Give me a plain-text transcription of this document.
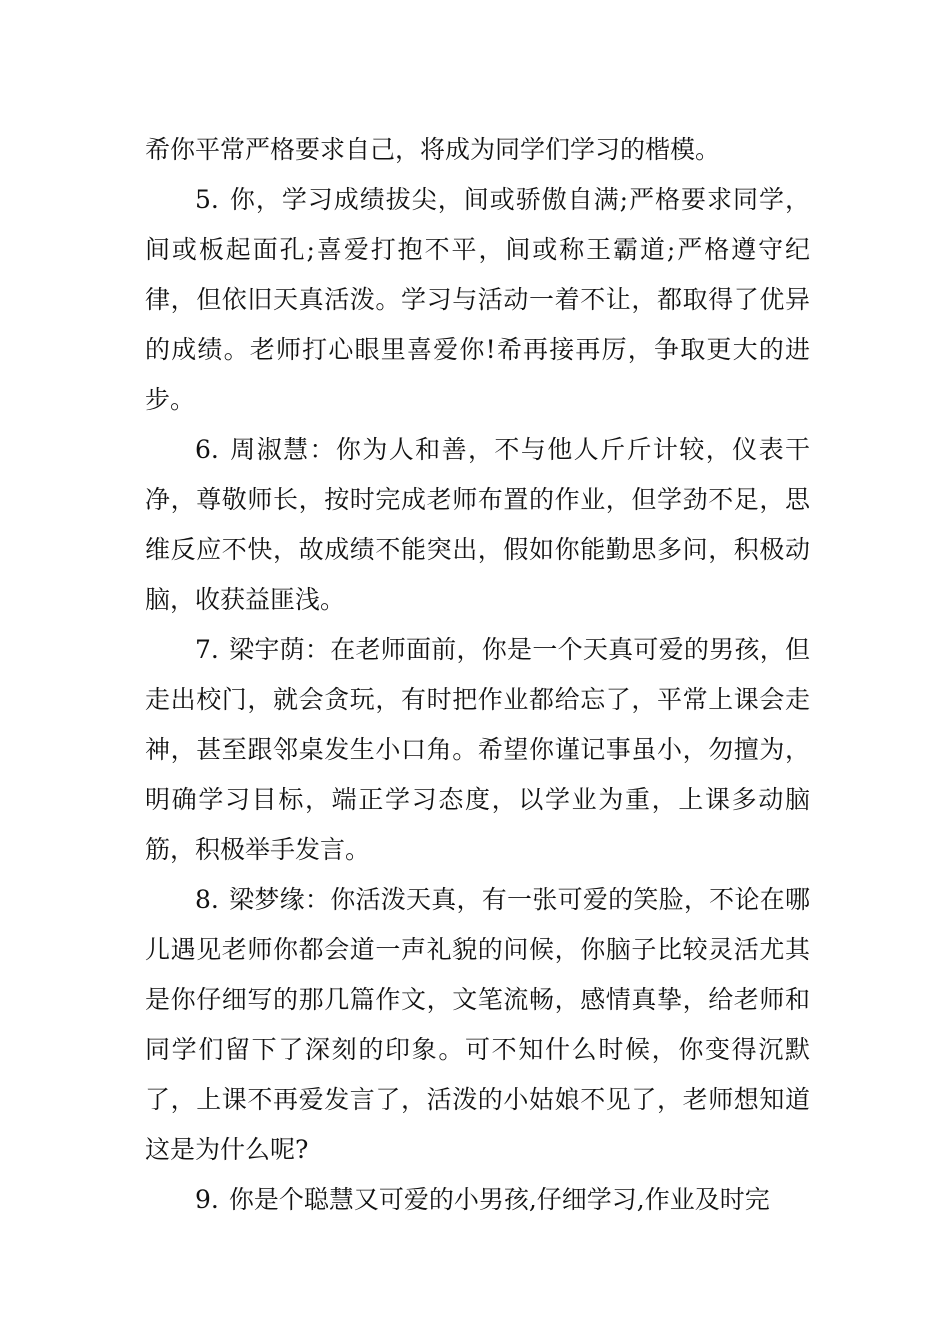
希你平常严格要求自己，将成为同学们学习的楷模。

5. 你，学习成绩拔尖，间或骄傲自满;严格要求同学，间或板起面孔;喜爱打抱不平，间或称王霸道;严格遵守纪律，但依旧天真活泼。学习与活动一着不让，都取得了优异的成绩。老师打心眼里喜爱你!希再接再厉，争取更大的进步。

6. 周淑慧：你为人和善，不与他人斤斤计较，仪表干净，尊敬师长，按时完成老师布置的作业，但学劲不足，思维反应不快，故成绩不能突出，假如你能勤思多问，积极动脑，收获益匪浅。

7. 梁宇荫：在老师面前，你是一个天真可爱的男孩，但走出校门，就会贪玩，有时把作业都给忘了，平常上课会走神，甚至跟邻桌发生小口角。希望你谨记事虽小，勿擅为，明确学习目标，端正学习态度，以学业为重，上课多动脑筋，积极举手发言。

8. 梁梦缘：你活泼天真，有一张可爱的笑脸，不论在哪儿遇见老师你都会道一声礼貌的问候，你脑子比较灵活尤其是你仔细写的那几篇作文，文笔流畅，感情真挚，给老师和同学们留下了深刻的印象。可不知什么时候，你变得沉默了，上课不再爱发言了，活泼的小姑娘不见了，老师想知道这是为什么呢?

9. 你是个聪慧又可爱的小男孩,仔细学习,作业及时完
